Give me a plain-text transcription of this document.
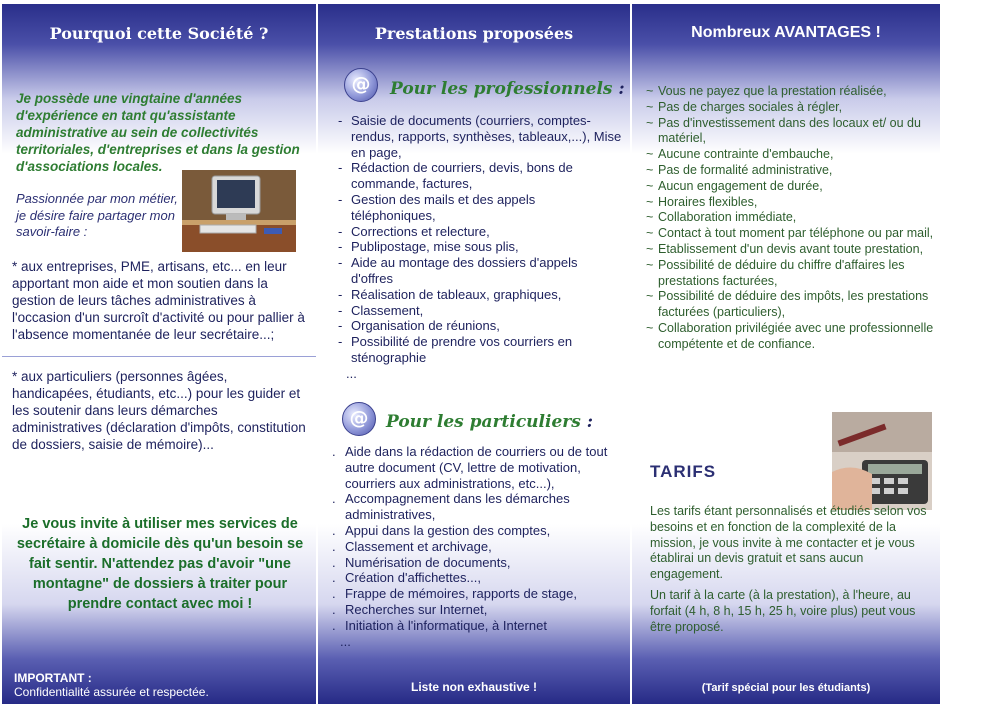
Pourquoi cette Société ?
Je possède une vingtaine d'années d'expérience en tant qu'assistante administrative au sein de collectivités territoriales, d'entreprises et dans la gestion d'associations locales.
Passionnée par mon métier, je désire faire partager mon savoir-faire :
* aux entreprises, PME, artisans, etc... en leur apportant mon aide et mon soutien dans la gestion de leurs tâches administratives à l'occasion d'un surcroît d'activité ou pour pallier à l'absence momentanée de leur secrétaire...;
* aux particuliers (personnes âgées, handicapées, étudiants, etc...) pour les guider et les soutenir dans leurs démarches administratives (déclaration d'impôts, constitution de dossiers, saisie de mémoire)...
Je vous invite à utiliser mes services de secrétaire à domicile dès qu'un besoin se fait sentir. N'attendez pas d'avoir "une montagne" de dossiers à traiter pour prendre contact avec moi !
IMPORTANT :
Confidentialité assurée et respectée.
Prestations proposées
@	Pour les professionnels :
- Saisie de documents (courriers, comptes-rendus, rapports, synthèses, tableaux,...), Mise en page,
- Rédaction de courriers, devis, bons de commande, factures,
- Gestion des mails et des appels téléphoniques,
- Corrections et relecture,
- Publipostage, mise sous plis,
- Aide au montage des dossiers d'appels d'offres
- Réalisation de tableaux, graphiques,
- Classement,
- Organisation de réunions,
- Possibilité de prendre vos courriers en sténographie
...
@	Pour les particuliers :
. Aide dans la rédaction de courriers ou de tout autre document (CV, lettre de motivation, courriers aux administrations, etc...),
. Accompagnement dans les démarches administratives,
. Appui dans la gestion des comptes,
. Classement et archivage,
. Numérisation de documents,
. Création d'affichettes...,
. Frappe de mémoires, rapports de stage,
. Recherches sur Internet,
. Initiation à l'informatique, à Internet
...
Liste non exhaustive !
Nombreux AVANTAGES !
~ Vous ne payez que la prestation réalisée,
~ Pas de charges sociales à régler,
~ Pas d'investissement dans des locaux et/ ou du matériel,
~ Aucune contrainte d'embauche,
~ Pas de formalité administrative,
~ Aucun engagement de durée,
~ Horaires flexibles,
~ Collaboration immédiate,
~ Contact à tout moment par téléphone ou par mail,
~ Etablissement d'un devis avant toute prestation,
~ Possibilité de déduire du chiffre d'affaires les prestations facturées,
~ Possibilité de déduire des impôts, les prestations facturées (particuliers),
~ Collaboration privilégiée avec une professionnelle compétente et de confiance.
TARIFS
Les tarifs étant personnalisés et étudiés selon vos besoins et en fonction de la complexité de la mission, je vous invite à me contacter et je vous établirai un devis gratuit et sans aucun engagement.
Un tarif à la carte (à la prestation), à l'heure, au forfait (4 h, 8 h, 15 h, 25 h, voire plus) peut vous être proposé.
(Tarif spécial pour les étudiants)
